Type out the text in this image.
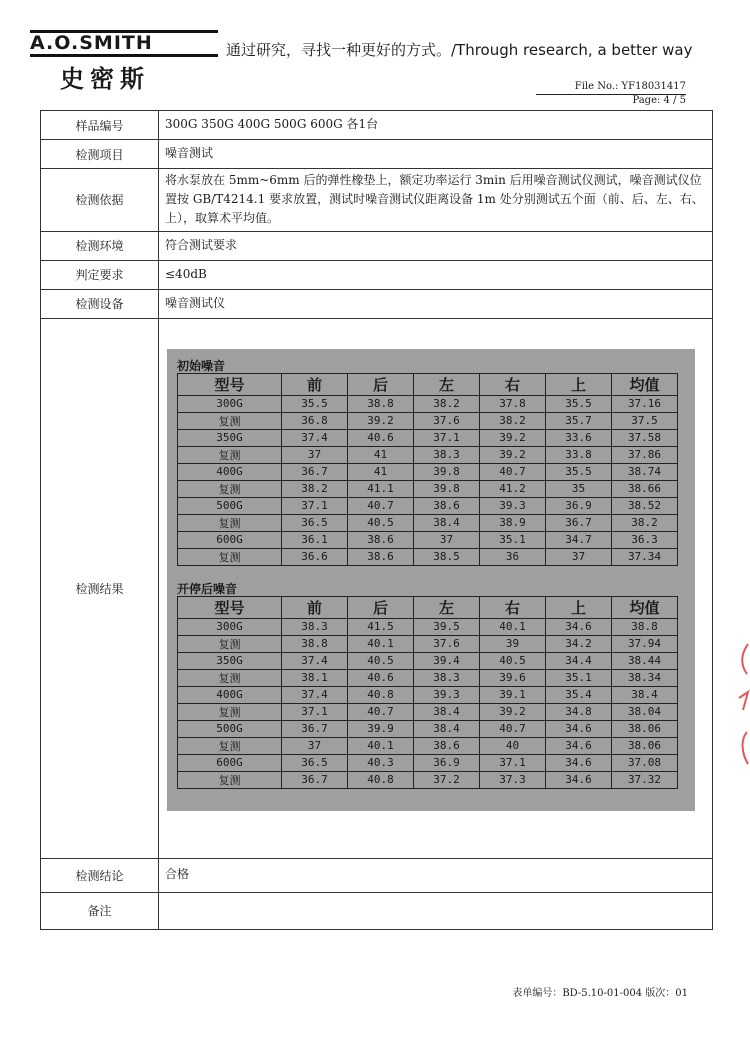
A.O.SMITH
史密斯
通过研究，寻找一种更好的方式。/Through research, a better way
File No.: YF18031417
Page: 4 / 5
样品编号	300G 350G 400G 500G 600G 各1台
检测项目	噪音测试
检测依据	将水泵放在 5mm~6mm 后的弹性橡垫上，额定功率运行 3min 后用噪音测试仪测试，噪音测试仪位置按 GB/T4214.1 要求放置，测试时噪音测试仪距离设备 1m 处分别测试五个面（前、后、左、右、上），取算术平均值。
检测环境	符合测试要求
判定要求	≤40dB
检测设备	噪音测试仪
检测结果	
初始噪音
型号	前	后	左	右	上	均值
300G	35.5	38.8	38.2	37.8	35.5	37.16
复测	36.8	39.2	37.6	38.2	35.7	37.5
350G	37.4	40.6	37.1	39.2	33.6	37.58
复测	37	41	38.3	39.2	33.8	37.86
400G	36.7	41	39.8	40.7	35.5	38.74
复测	38.2	41.1	39.8	41.2	35	38.66
500G	37.1	40.7	38.6	39.3	36.9	38.52
复测	36.5	40.5	38.4	38.9	36.7	38.2
600G	36.1	38.6	37	35.1	34.7	36.3
复测	36.6	38.6	38.5	36	37	37.34
开停后噪音
型号	前	后	左	右	上	均值
300G	38.3	41.5	39.5	40.1	34.6	38.8
复测	38.8	40.1	37.6	39	34.2	37.94
350G	37.4	40.5	39.4	40.5	34.4	38.44
复测	38.1	40.6	38.3	39.6	35.1	38.34
400G	37.4	40.8	39.3	39.1	35.4	38.4
复测	37.1	40.7	38.4	39.2	34.8	38.04
500G	36.7	39.9	38.4	40.7	34.6	38.06
复测	37	40.1	38.6	40	34.6	38.06
600G	36.5	40.3	36.9	37.1	34.6	37.08
复测	36.7	40.8	37.2	37.3	34.6	37.32

检测结论	合格
备注	
表单编号：BD-5.10-01-004 版次：01
